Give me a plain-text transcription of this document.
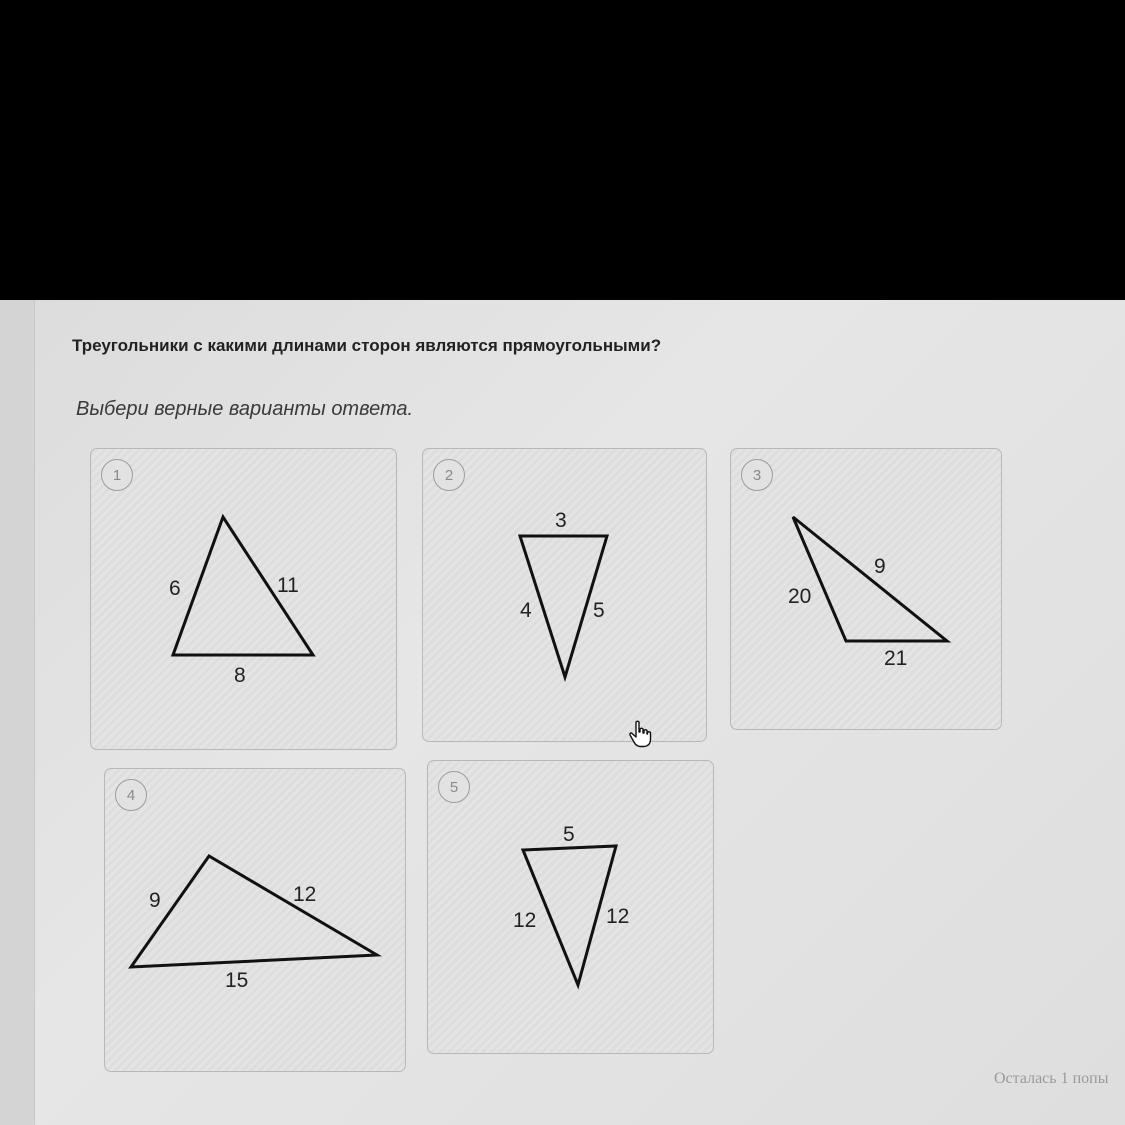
Треугольники с какими длинами сторон являются прямоугольными?
Выбери верные варианты ответа.
1
6	11
8
2
3
4	5
3
20
9
21
4
9	12
15
5
5
12	12
Осталась 1 попы
